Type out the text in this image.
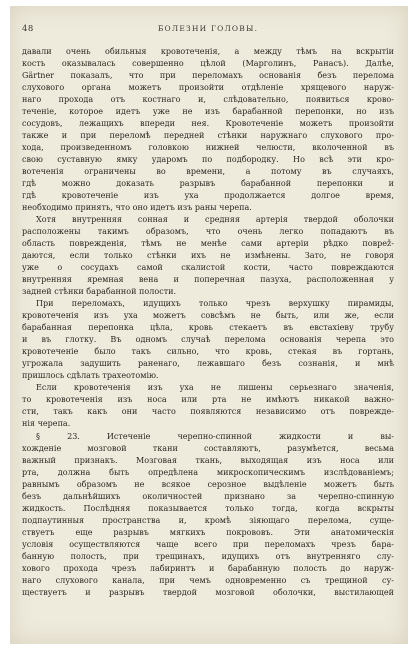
48	БОЛЕЗНИ ГОЛОВЫ.
давали очень обильныя кровотеченія, а между тѣмъ на вскрытіи
кость оказывалась совершенно цѣлой (Марголинъ, Ранасъ). Далѣе,
Gärtner показалъ, что при переломахъ основанія безъ перелома
слухового органа можетъ произойти отдѣленіе хрящевого наруж-
наго прохода отъ костнаго и, слѣдовательно, появиться крово-
теченіе, которое идетъ уже не изъ барабанной перепонки, но изъ
сосудовъ, лежащихъ впереди нея. Кровотеченіе можетъ произойти
также и при переломѣ передней стѣнки наружнаго слухового про-
хода, произведенномъ головкою нижней челюсти, вколоченной въ
свою суставную ямку ударомъ по подбородку. Но всѣ эти кро-
вотеченія ограничены во времени, а потому въ случаяхъ,
гдѣ можно доказать разрывъ барабанной перепонки и
гдѣ кровотеченіе изъ уха продолжается долгое время,
необходимо принять, что оно идетъ изъ раны черепа.
Хотя внутренняя сонная и средняя артерія твердой оболочки
расположены такимъ образомъ, что очень легко попадаютъ въ
область поврежденія, тѣмъ не менѣе сами артеріи рѣдко поврež-
даются, если только стѣнки ихъ не измѣнены. Зато, не говоря
уже о сосудахъ самой скалистой кости, часто повреждаются
внутренняя яремная вена и поперечная пазуха, расположенная у
задней стѣнки барабанной полости.
При переломахъ, идущихъ только чрезъ верхушку пирамиды,
кровотеченія изъ уха можетъ совсѣмъ не быть, или же, если
барабанная перепонка цѣла, кровь стекаетъ въ евстахіеву трубу
и въ глотку. Въ одномъ случаѣ перелома основанія черепа это
кровотеченіе было такъ сильно, что кровь, стекая въ гортань,
угрожала задушить раненаго, лежавшаго безъ сознанія, и мнѣ
пришлось сдѣлать трахеотомію.
Если кровотеченія изъ уха не лишены серьезнаго значенія,
то кровотеченія изъ носа или рта не имѣютъ никакой важно-
сти, такъ какъ они часто появляются независимо отъ поврежде-
нія черепа.
§ 23. Истеченіе черепно-спинной жидкости и вы-
хожденіе мозговой ткани составляютъ, разумѣется, весьма
важный признакъ. Мозговая ткань, выходящая изъ носа или
рта, должна быть опредѣлена микроскопическимъ изслѣдованіемъ;
равнымъ образомъ не всякое серозное выдѣленіе можетъ быть
безъ дальнѣйшихъ околичностей признано за черепно-спинную
жидкость. Послѣдняя показывается только тогда, когда вскрыты
подпаутинныя пространства и, кромѣ зіяющаго перелома, суще-
ствуетъ еще разрывъ мягкихъ покрововъ. Эти анатомическія
условія осуществляются чаще всего при переломахъ чрезъ бара-
банную полость, при трещинахъ, идущихъ отъ внутренняго слу-
хового прохода чрезъ лабиринтъ и барабанную полость до наруж-
наго слухового канала, при чемъ одновременно съ трещиной су-
ществуетъ и разрывъ твердой мозговой оболочки, выстилающей
